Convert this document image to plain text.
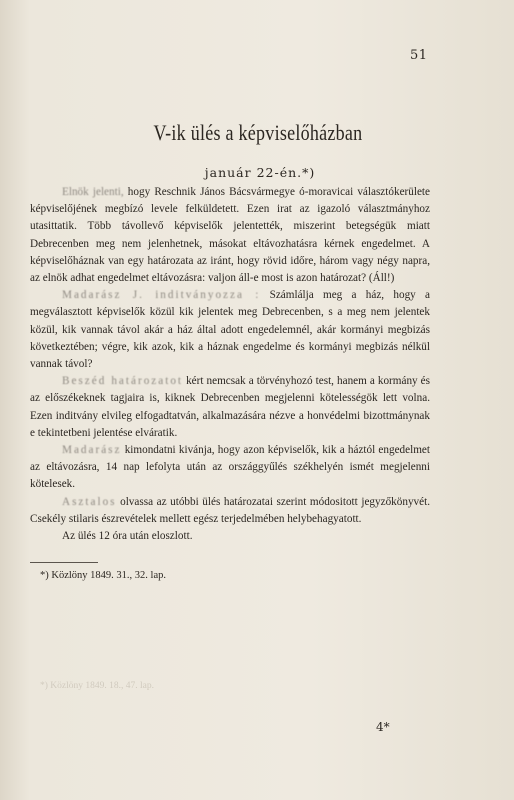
51
V-ik ülés a képviselőházban
január 22-én.*)

Elnök jelenti, hogy Reschnik János Bácsvármegye ó-moravicai választókerülete képviselőjének megbízó levele felküldetett. Ezen irat az igazoló választmányhoz utasittatik. Több távollevő képviselők jelentették, miszerint betegségük miatt Debrecenben meg nem jelenhetnek, másokat eltávozhatásra kérnek engedelmet. A képviselőháznak van egy határozata az iránt, hogy rövid időre, három vagy négy napra, az elnök adhat engedelmet eltávozásra: valjon áll-e most is azon határozat? (Áll!)

Madarász J. inditványozza : Számlálja meg a ház, hogy a megválasztott képviselők közül kik jelentek meg Debrecenben, s a meg nem jelentek közül, kik vannak távol akár a ház által adott engedelemnél, akár kormányi megbizás következtében; végre, kik azok, kik a háznak engedelme és kormányi megbizás nélkül vannak távol?

Beszéd határozatot kért nemcsak a törvényhozó test, hanem a kormány és az előszékeknek tagjaira is, kiknek Debrecenben megjelenni kötelességök lett volna. Ezen inditvány elvileg elfogadtatván, alkalmazására nézve a honvédelmi bizottmánynak e tekintetbeni jelentése elváratik.

Madarász kimondatni kivánja, hogy azon képviselők, kik a háztól engedelmet az eltávozásra, 14 nap lefolyta után az országgyűlés székhelyén ismét megjelenni kötelesek.

Asztalos olvassa az utóbbi ülés határozatai szerint módositott jegyzőkönyvét. Csekély stilaris észrevételek mellett egész terjedelmében helybehagyatott.

Az ülés 12 óra után eloszlott.

*) Közlöny 1849. 31., 32. lap.
*) Közlöny 1849. 18., 47. lap.
4*
